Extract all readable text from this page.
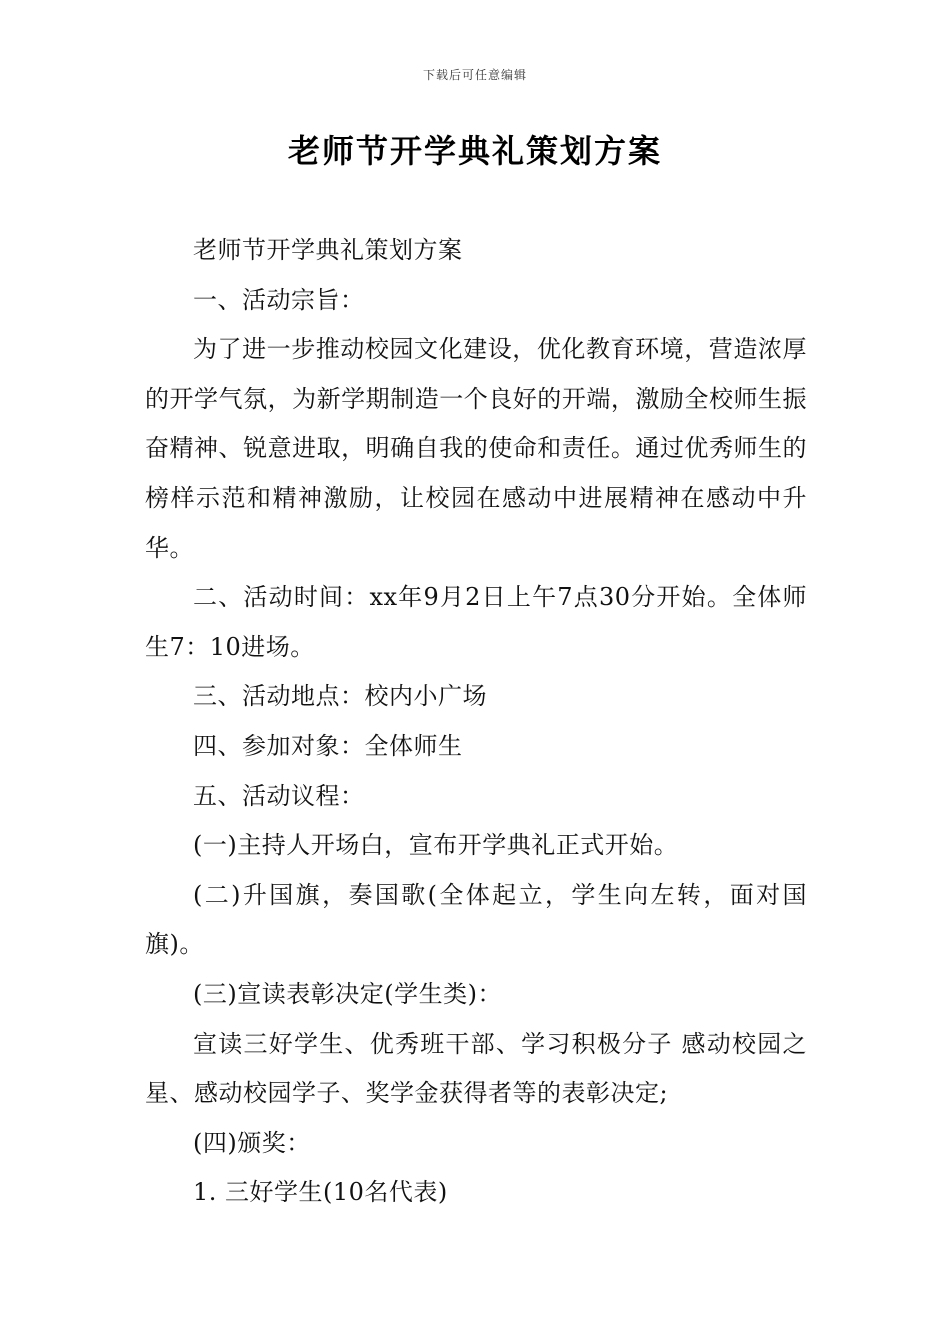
下载后可任意编辑
老师节开学典礼策划方案

老师节开学典礼策划方案

一、活动宗旨：

为了进一步推动校园文化建设，优化教育环境，营造浓厚的开学气氛，为新学期制造一个良好的开端，激励全校师生振奋精神、锐意进取，明确自我的使命和责任。通过优秀师生的榜样示范和精神激励，让校园在感动中进展精神在感动中升华。

二、活动时间：xx年9月2日上午7点30分开始。全体师生7：10进场。

三、活动地点：校内小广场

四、参加对象：全体师生

五、活动议程：

(一)主持人开场白，宣布开学典礼正式开始。

(二)升国旗，奏国歌(全体起立，学生向左转，面对国旗)。

(三)宣读表彰决定(学生类)：

宣读三好学生、优秀班干部、学习积极分子 感动校园之星、感动校园学子、奖学金获得者等的表彰决定;

(四)颁奖：

1. 三好学生(10名代表)
